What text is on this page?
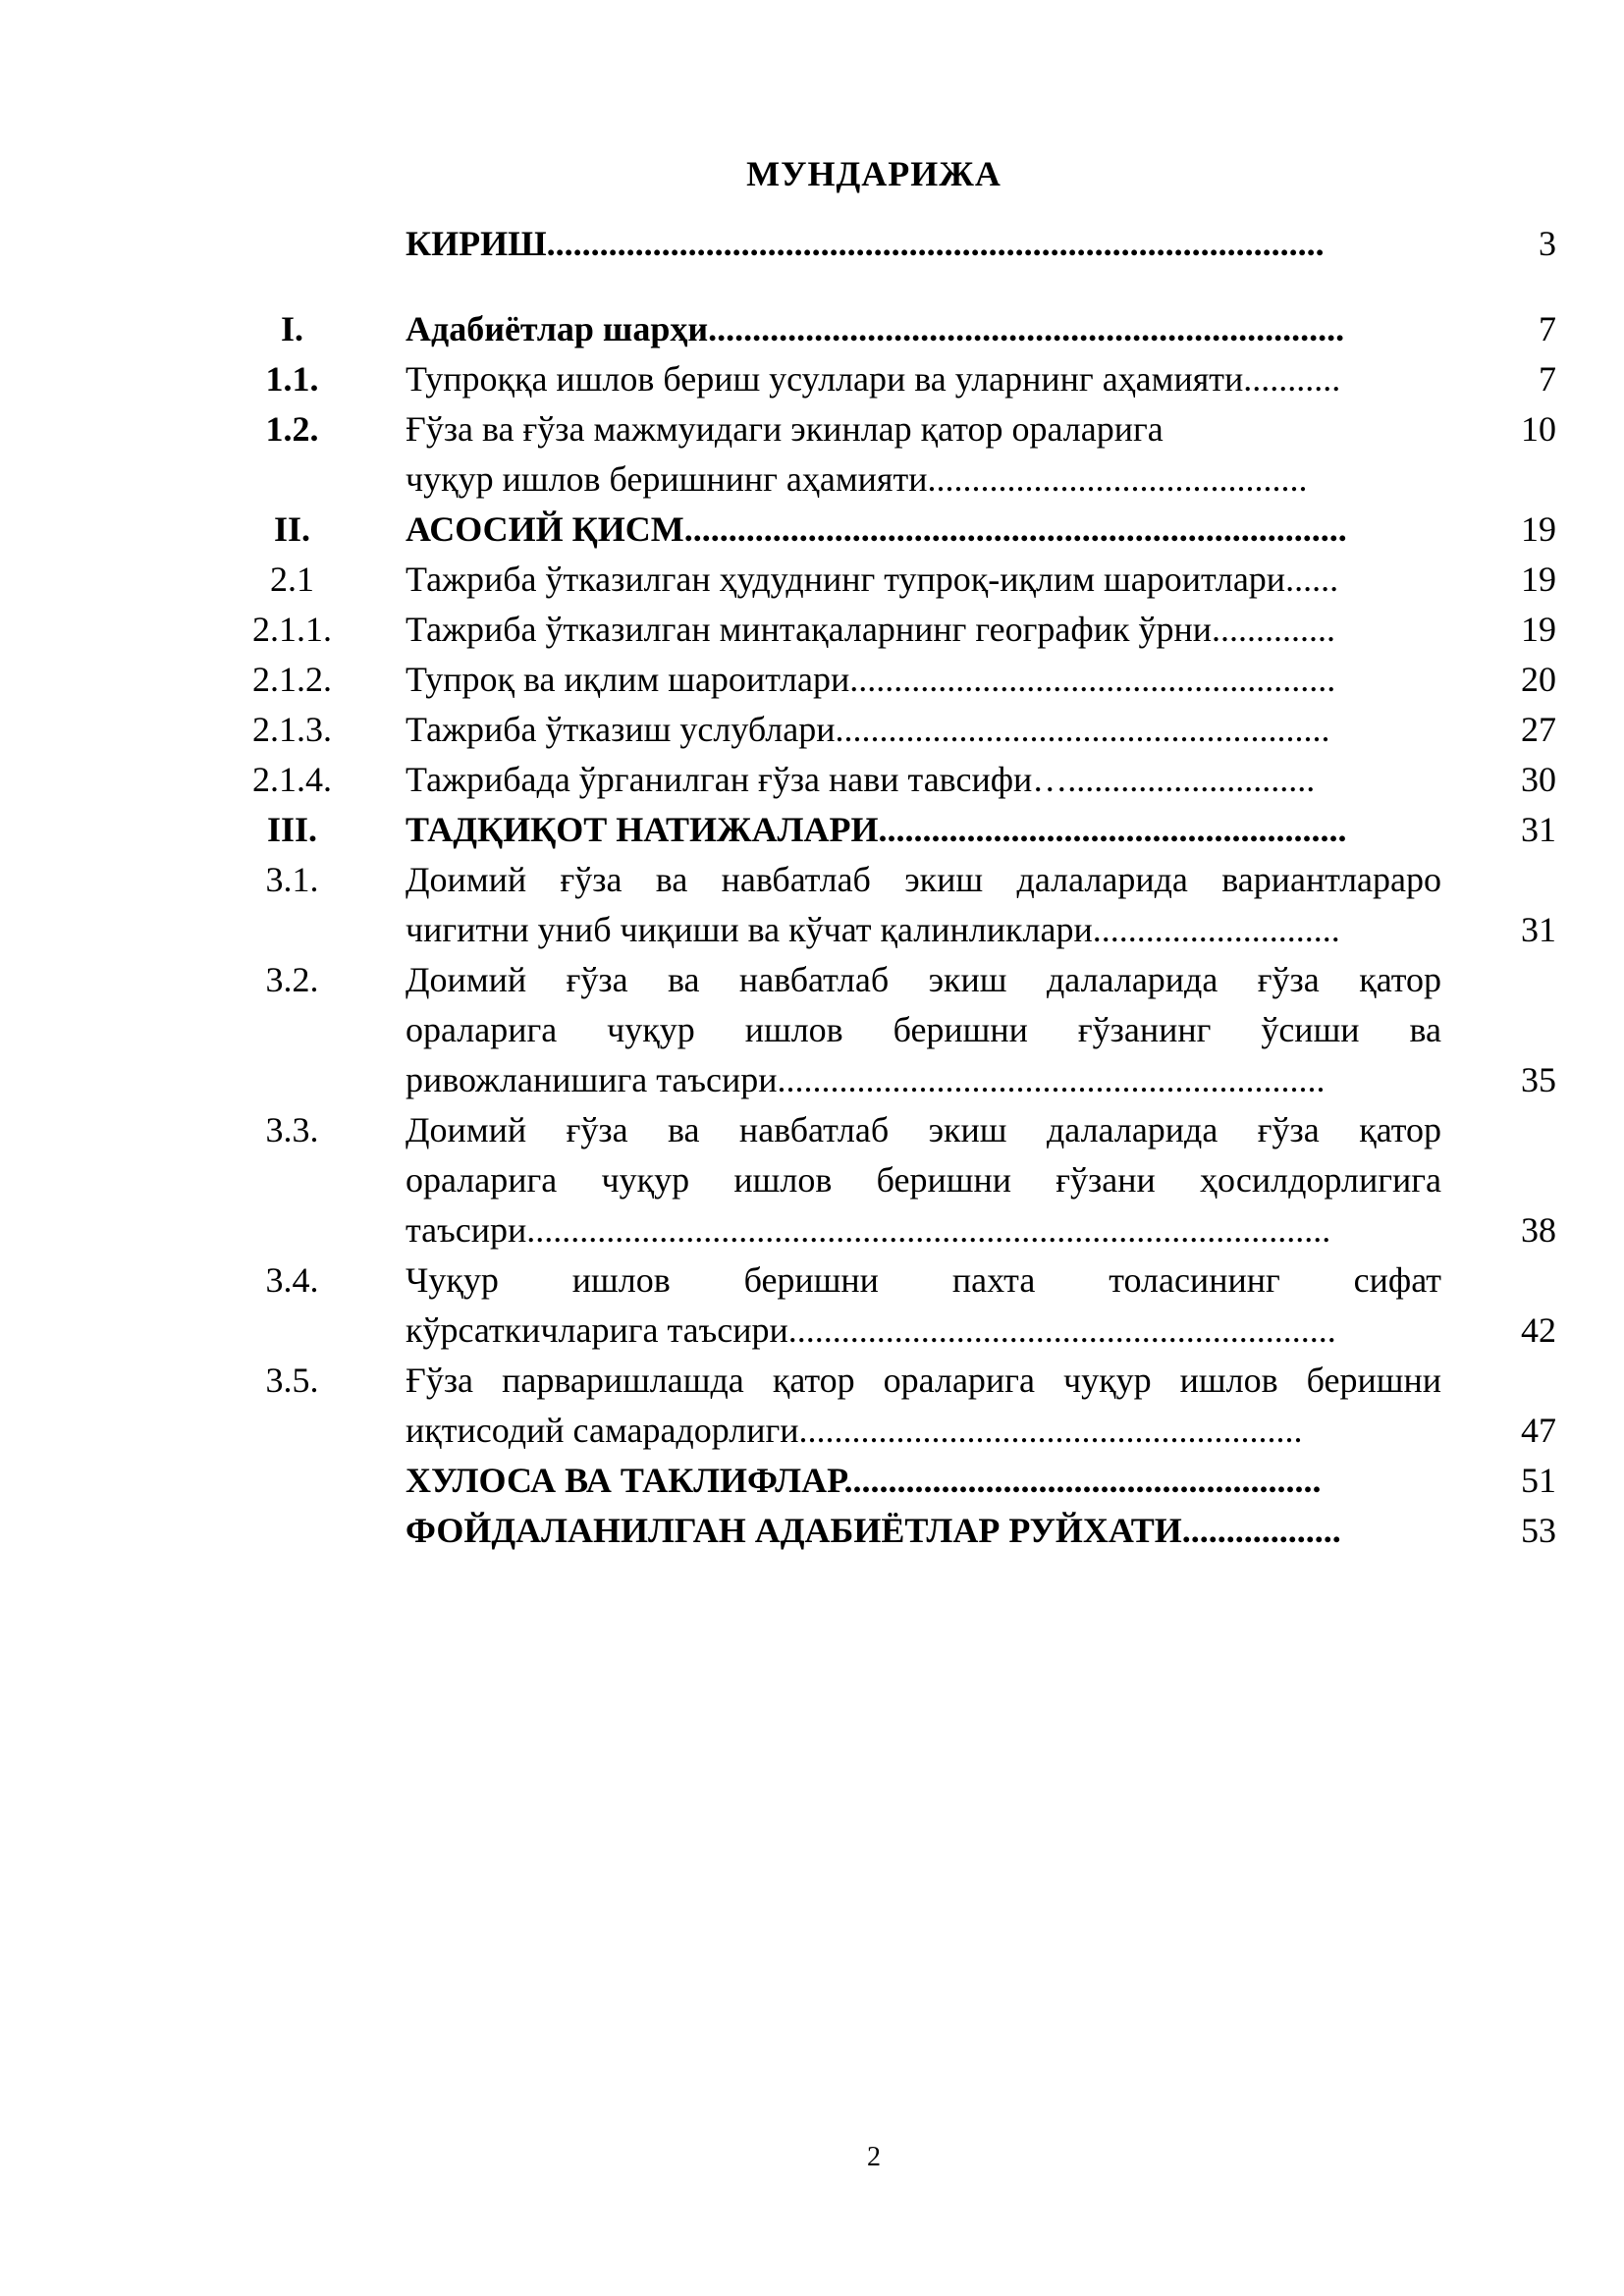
МУНДАРИЖА
КИРИШ........................................................................................	3
I.	Адабиётлар шарҳи........................................................................	7
1.1.	Тупроққа ишлов бериш усуллари ва уларнинг аҳамияти...........	7
1.2.	Ғўза ва ғўза мажмуидаги экинлар қатор ораларига	10
чуқур ишлов беришнинг аҳамияти...........................................
II.	АСОСИЙ ҚИСМ...........................................................................	19
2.1	Тажриба ўтказилган ҳудуднинг тупроқ-иқлим шароитлари......	19
2.1.1.	Тажриба ўтказилган минтақаларнинг географик ўрни..............	19
2.1.2.	Тупроқ ва иқлим шароитлари.......................................................	20
2.1.3.	Тажриба ўтказиш услублари........................................................	27
2.1.4.	Тажрибада ўрганилган ғўза нави тавсифи…............................	30
III.	ТАДҚИҚОТ НАТИЖАЛАРИ.....................................................	31
3.1.	Доимий ғўза ва навбатлаб экиш далаларида вариантлараро
чигитни униб чиқиши ва кўчат қалинликлари............................	31
3.2.	Доимий ғўза ва навбатлаб экиш далаларида ғўза қатор
ораларига чуқур ишлов беришни ғўзанинг ўсиши ва
ривожланишига таъсири..............................................................	35
3.3.	Доимий ғўза ва навбатлаб экиш далаларида ғўза қатор
ораларига чуқур ишлов беришни ғўзани ҳосилдорлигига
таъсири...........................................................................................	38
3.4.	Чуқур ишлов беришни пахта толасининг сифат
кўрсаткичларига таъсири..............................................................	42
3.5.	Ғўза парваришлашда қатор ораларига чуқур ишлов беришни
иқтисодий самарадорлиги.........................................................	47
ХУЛОСА ВА ТАКЛИФЛАР......................................................	51
ФОЙДАЛАНИЛГАН АДАБИЁТЛАР РУЙХАТИ..................	53
2
